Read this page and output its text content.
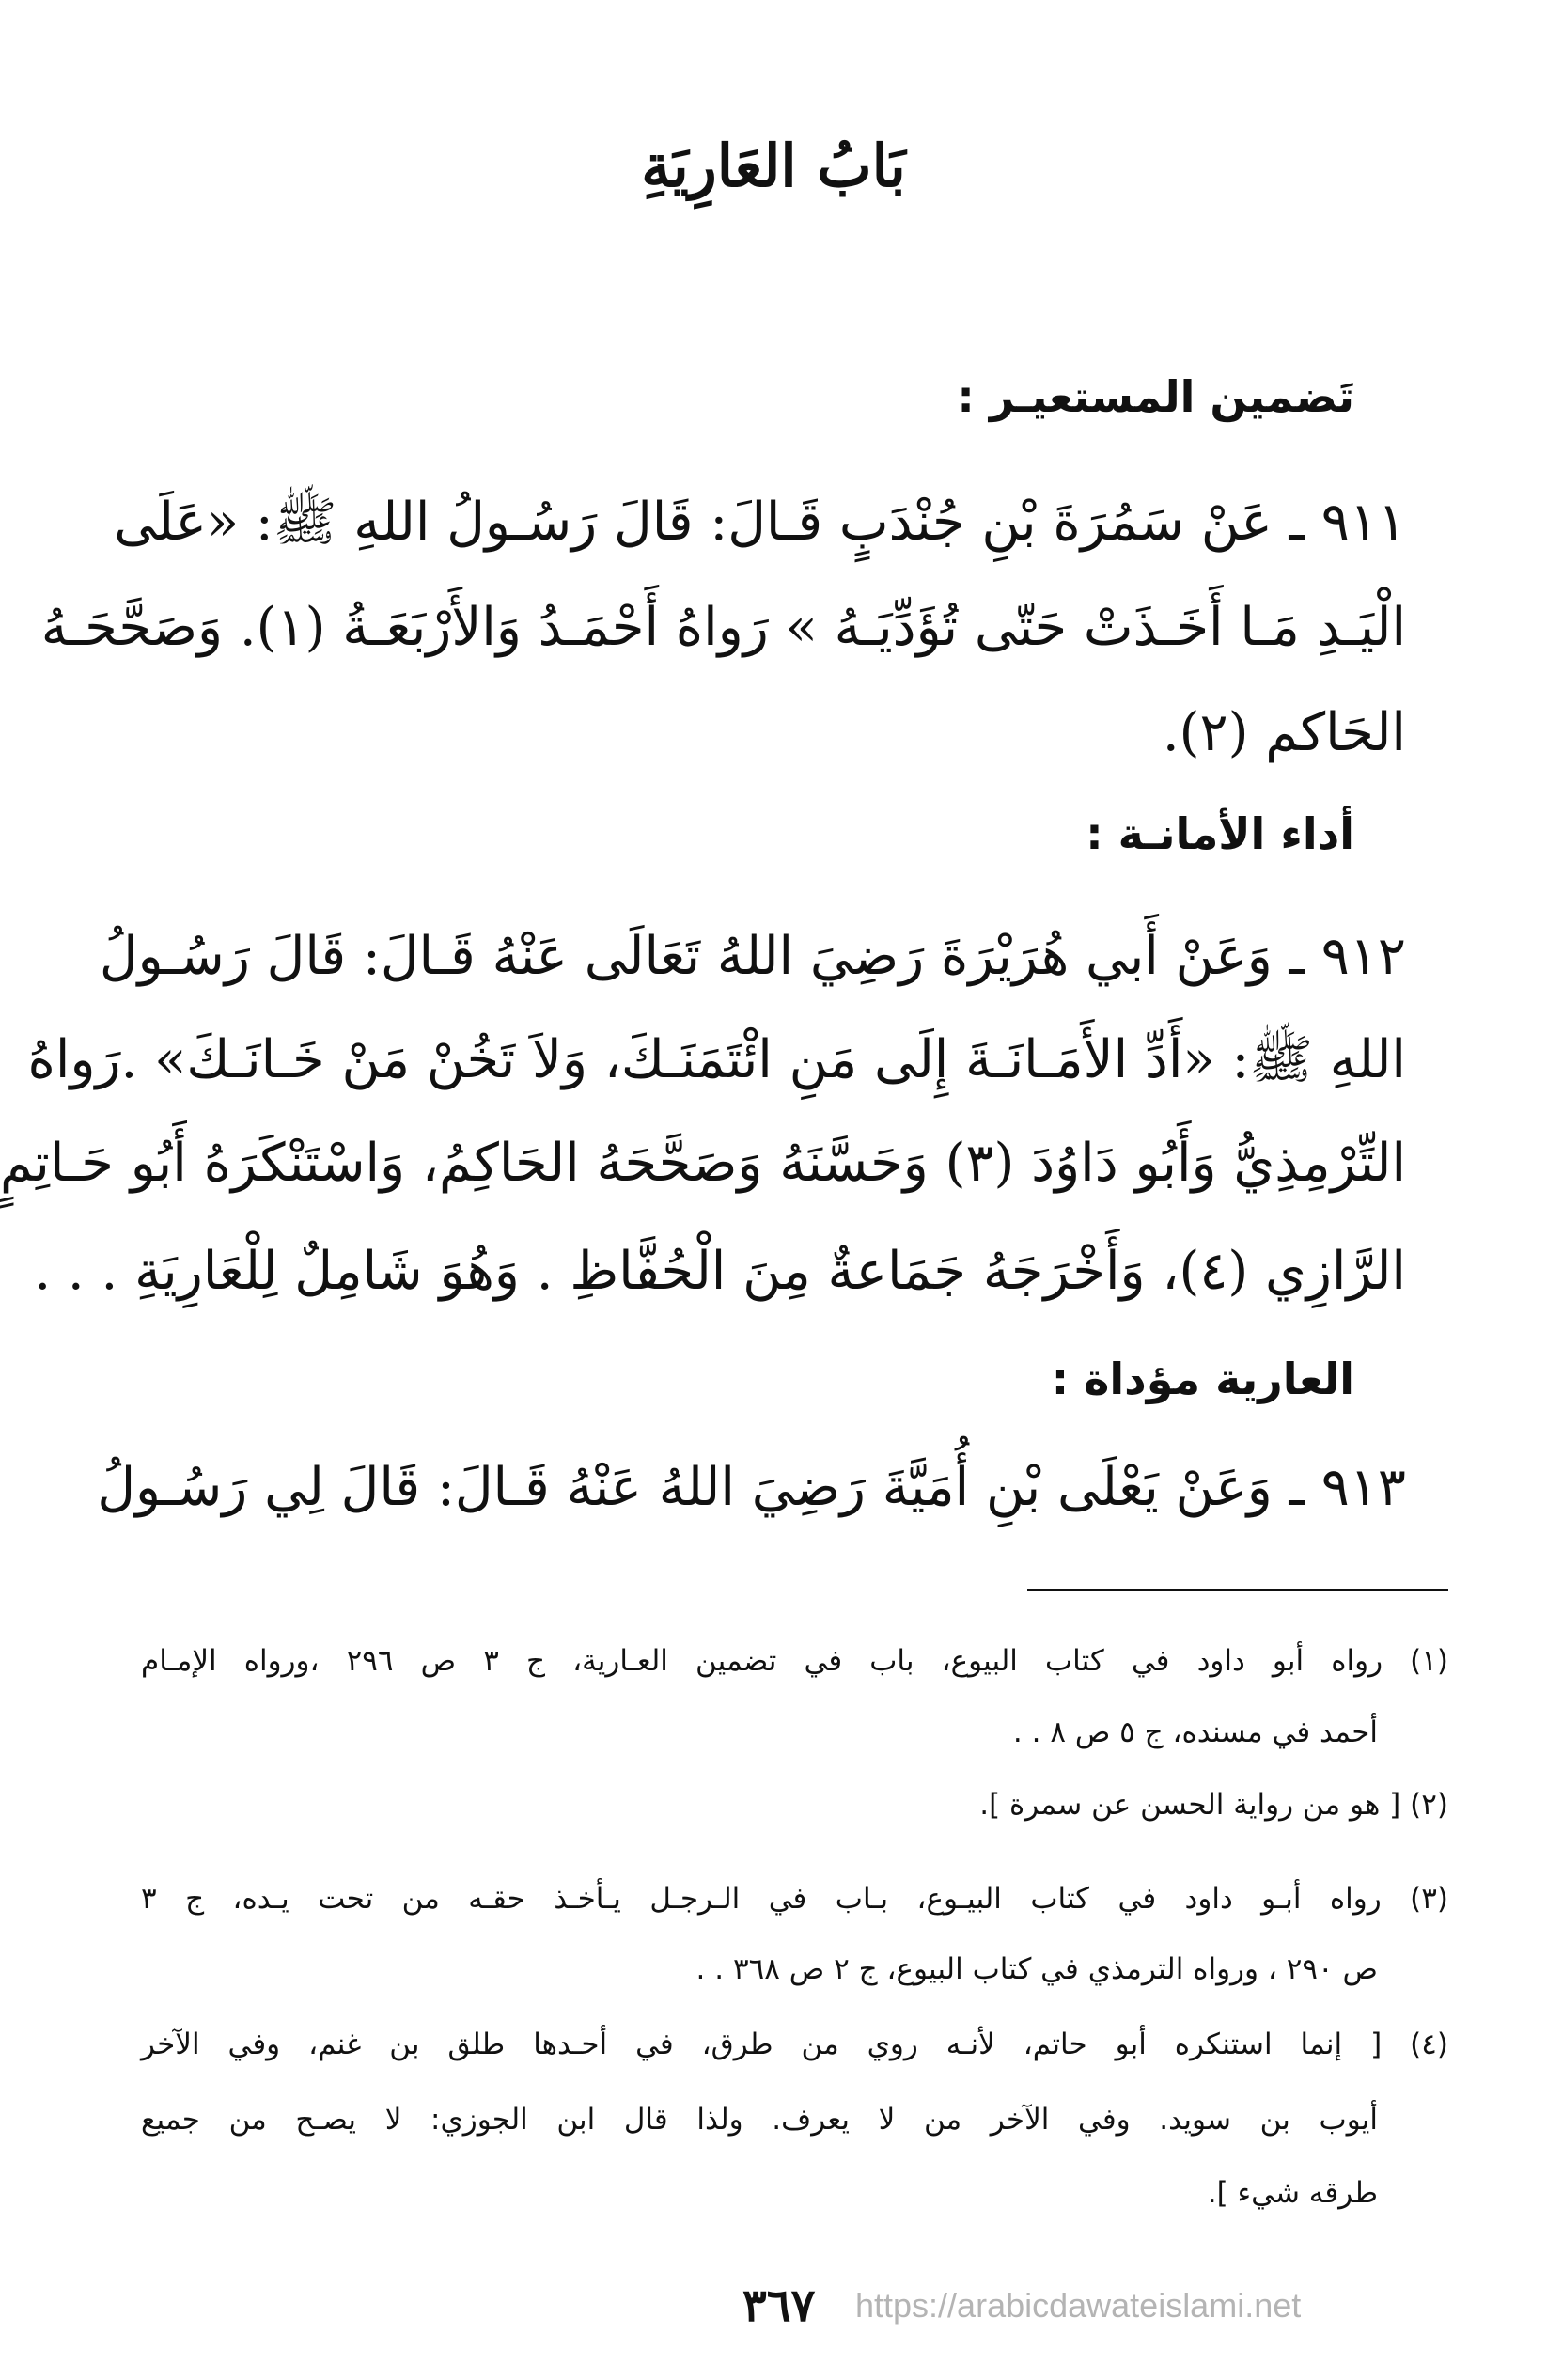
بَابُ العَارِيَةِ
تَضمين المستعيـر :
٩١١ ـ عَنْ سَمُرَةَ بْنِ جُنْدَبٍ قَـالَ: قَالَ رَسُـولُ اللهِ ﷺ: «عَلَى
الْيَـدِ مَـا أَخَـذَتْ حَتّى تُؤَدِّيَـهُ » رَواهُ أَحْمَـدُ وَالأَرْبَعَـةُ (١). وَصَحَّحَـهُ
الحَاكم (٢).
أداء الأمانـة :
٩١٢ ـ وَعَنْ أَبي هُرَيْرَةَ رَضِيَ اللهُ تَعَالَى عَنْهُ قَـالَ: قَالَ رَسُـولُ
اللهِ ﷺ: «أَدِّ الأَمَـانَـةَ إِلَى مَنِ ائْتَمَنَـكَ، وَلاَ تَخُنْ مَنْ خَـانَـكَ» .رَواهُ
التِّرْمِذِيُّ وَأَبُو دَاوُدَ (٣) وَحَسَّنَهُ وَصَحَّحَهُ الحَاكِمُ، وَاسْتَنْكَرَهُ أَبُو حَـاتِمٍ
الرَّازِي (٤)، وَأَخْرَجَهُ جَمَاعةٌ مِنَ الْحُفَّاظِ . وَهُوَ شَامِلٌ لِلْعَارِيَةِ . . .
العارية مؤداة :
٩١٣ ـ وَعَنْ يَعْلَى بْنِ أُمَيَّةَ رَضِيَ اللهُ عَنْهُ قَـالَ: قَالَ لِي رَسُـولُ
(١) رواه أبو داود في كتاب البيوع، باب في تضمين العـارية، ج ٣ ص ٢٩٦ ،ورواه الإمـام
أحمد في مسنده، ج ٥ ص ٨ . .
(٢) [ هو من رواية الحسن عن سمرة ].
(٣) رواه أبـو داود في كتاب البيـوع، بـاب في الـرجـل يـأخـذ حقـه من تحت يـده، ج ٣
ص ٢٩٠ ، ورواه الترمذي في كتاب البيوع، ج ٢ ص ٣٦٨ . .
(٤) [ إنما استنكره أبو حاتم، لأنـه روي من طرق، في أحـدها طلق بن غنم، وفي الآخر
أيوب بن سويد. وفي الآخر من لا يعرف. ولذا قال ابن الجوزي: لا يصـح من جميع
طرقه شيء ].
٣٦٧ https://arabicdawateislami.net
